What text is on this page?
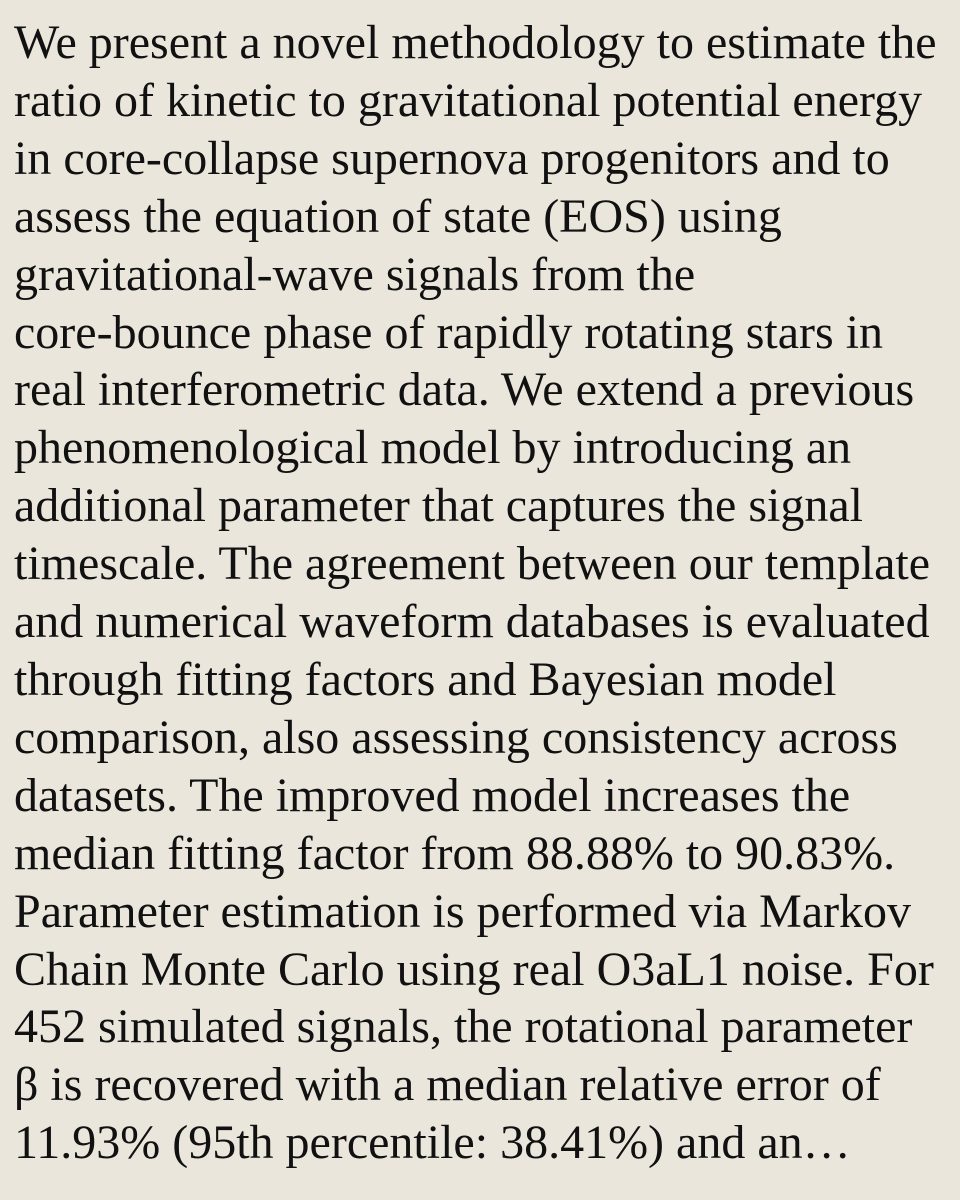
We present a novel methodology to estimate the
ratio of kinetic to gravitational potential energy
in core-collapse supernova progenitors and to
assess the equation of state (EOS) using
gravitational-wave signals from the
core-bounce phase of rapidly rotating stars in
real interferometric data. We extend a previous
phenomenological model by introducing an
additional parameter that captures the signal
timescale. The agreement between our template
and numerical waveform databases is evaluated
through fitting factors and Bayesian model
comparison, also assessing consistency across
datasets. The improved model increases the
median fitting factor from 88.88% to 90.83%.
Parameter estimation is performed via Markov
Chain Monte Carlo using real O3aL1 noise. For
452 simulated signals, the rotational parameter
β is recovered with a median relative error of
11.93% (95th percentile: 38.41%) and an…
